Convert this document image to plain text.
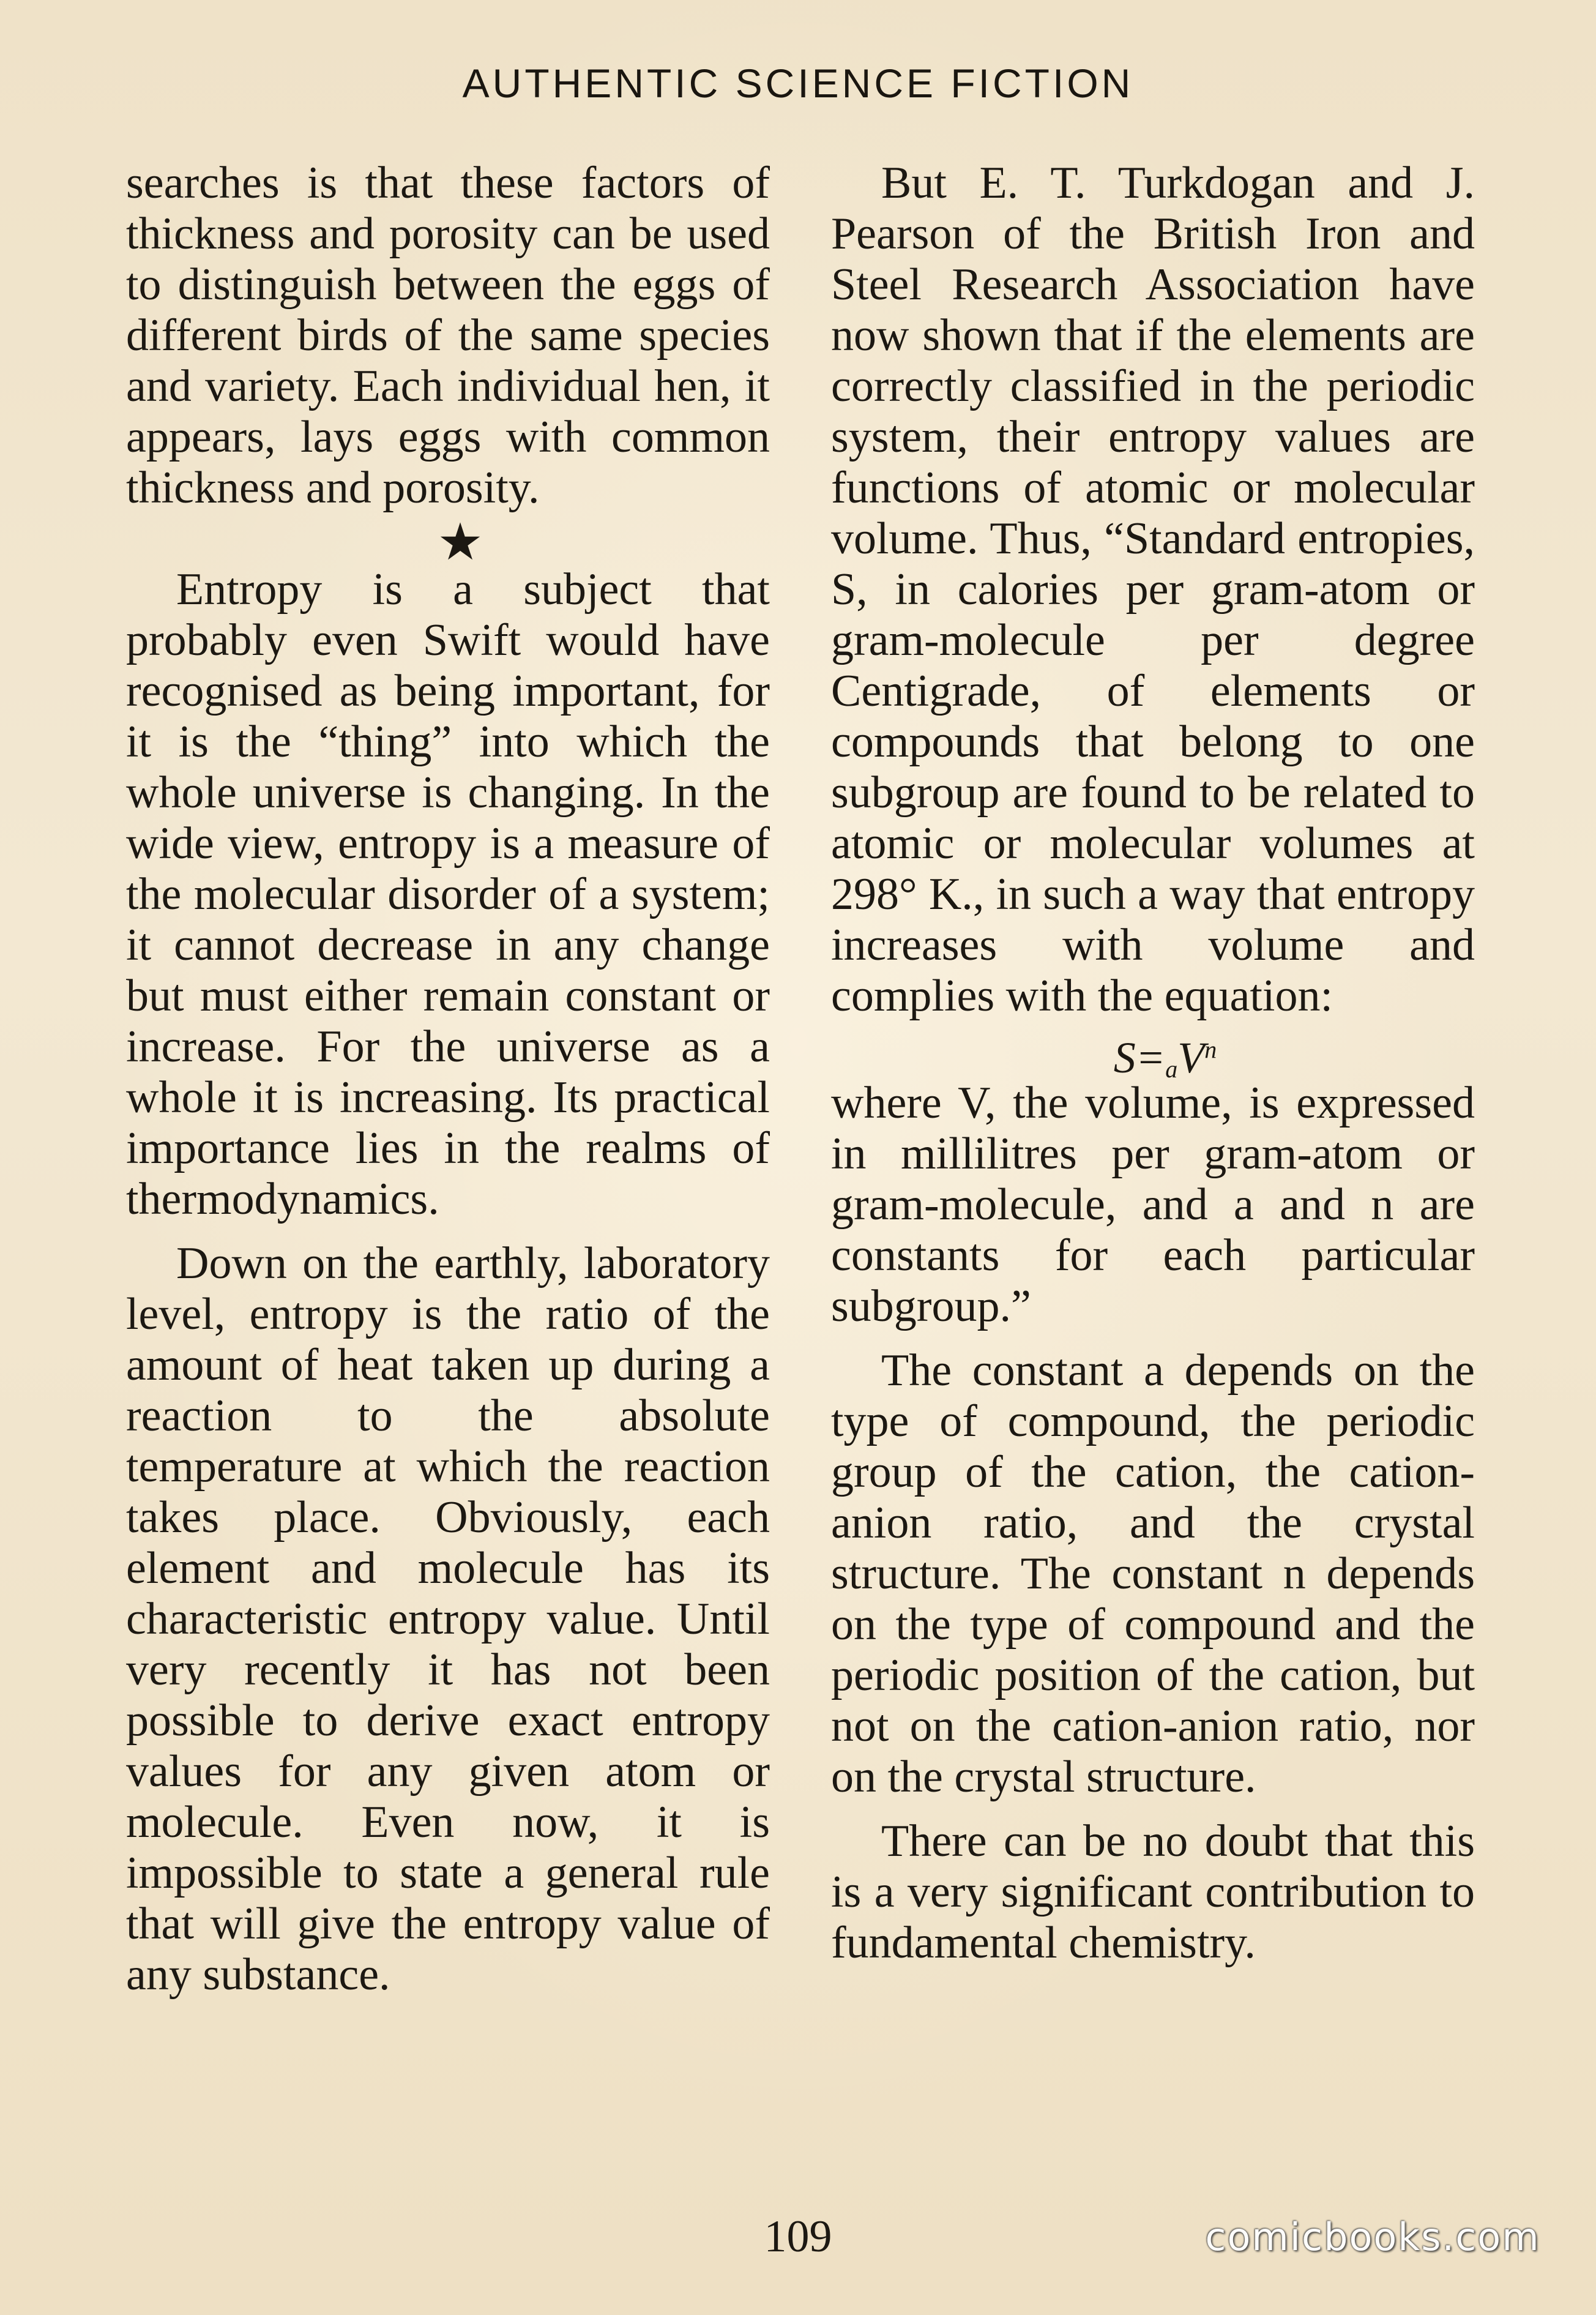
AUTHENTIC SCIENCE FICTION

searches is that these factors of thickness and porosity can be used to distinguish between the eggs of different birds of the same species and variety. Each individual hen, it appears, lays eggs with common thickness and porosity.

★

Entropy is a subject that probably even Swift would have recognised as being important, for it is the “thing” into which the whole universe is changing. In the wide view, entropy is a measure of the molecular disorder of a system; it cannot decrease in any change but must either remain constant or increase. For the universe as a whole it is increasing. Its practical importance lies in the realms of thermodynamics.

Down on the earthly, laboratory level, entropy is the ratio of the amount of heat taken up during a reaction to the absolute temperature at which the reaction takes place. Obviously, each element and molecule has its characteristic entropy value. Until very recently it has not been possible to derive exact entropy values for any given atom or molecule. Even now, it is impossible to state a general rule that will give the entropy value of any substance.

But E. T. Turkdogan and J. Pearson of the British Iron and Steel Research Association have now shown that if the elements are correctly classified in the periodic system, their entropy values are functions of atomic or molecular volume. Thus, “Standard entropies, S, in calories per gram-atom or gram-molecule per degree Centigrade, of elements or compounds that belong to one subgroup are found to be related to atomic or molecular volumes at 298° K., in such a way that entropy increases with volume and complies with the equation:

$S=aV^n$

where V, the volume, is expressed in millilitres per gram-atom or gram-molecule, and a and n are constants for each particular subgroup.”

The constant a depends on the type of compound, the periodic group of the cation, the cation-anion ratio, and the crystal structure. The constant n depends on the type of compound and the periodic position of the cation, but not on the cation-anion ratio, nor on the crystal structure.

There can be no doubt that this is a very significant contribution to fundamental chemistry.

109	comicbooks.com
